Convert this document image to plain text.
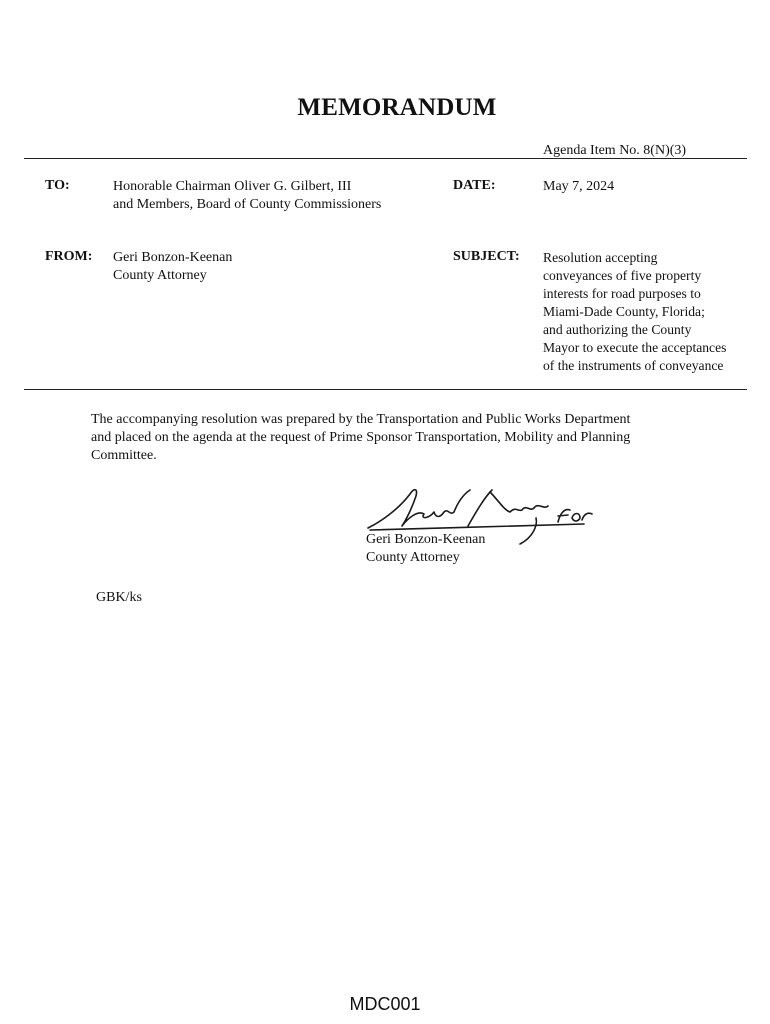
MEMORANDUM
Agenda Item No. 8(N)(3)
TO:	Honorable Chairman Oliver G. Gilbert, III
and Members, Board of County Commissioners
DATE:	May 7, 2024
FROM: Geri Bonzon-Keenan
County Attorney
SUBJECT: Resolution accepting
conveyances of five property
interests for road purposes to
Miami-Dade County, Florida;
and authorizing the County
Mayor to execute the acceptances
of the instruments of conveyance
The accompanying resolution was prepared by the Transportation and Public Works Department
and placed on the agenda at the request of Prime Sponsor Transportation, Mobility and Planning
Committee.
Geri Bonzon-Keenan
County Attorney
GBK/ks
MDC001
